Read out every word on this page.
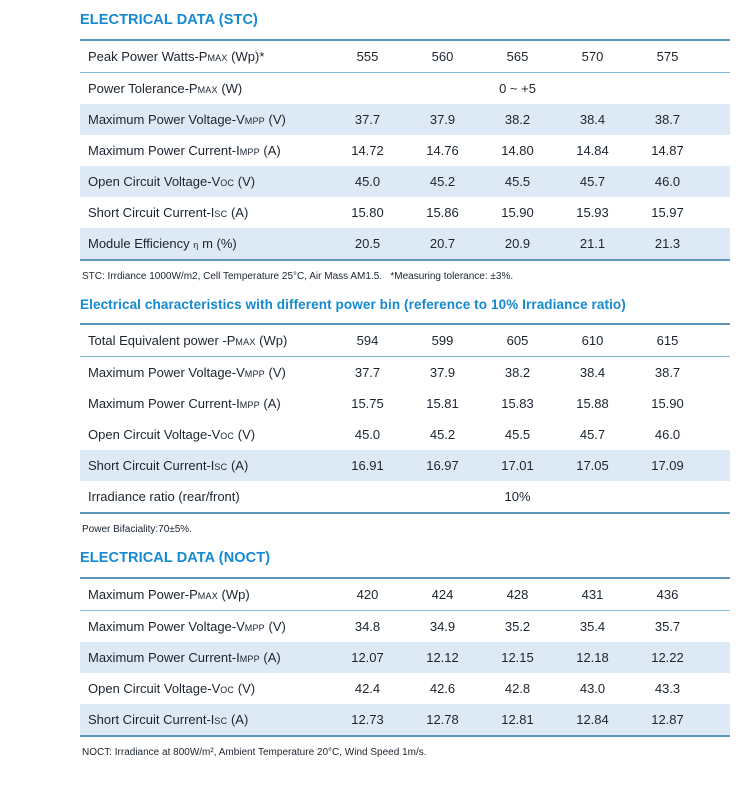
ELECTRICAL DATA (STC)
Peak Power Watts-PMAX (Wp)*	555	560	565	570	575
Power Tolerance-PMAX (W)	0 ~ +5
Maximum Power Voltage-VMPP (V)	37.7	37.9	38.2	38.4	38.7
Maximum Power Current-IMPP (A)	14.72	14.76	14.80	14.84	14.87
Open Circuit Voltage-VOC (V)	45.0	45.2	45.5	45.7	46.0
Short Circuit Current-ISC (A)	15.80	15.86	15.90	15.93	15.97
Module Efficiency η m (%)	20.5	20.7	20.9	21.1	21.3

STC: Irrdiance 1000W/m2, Cell Temperature 25°C, Air Mass AM1.5.   *Measuring tolerance: ±3%.

Electrical characteristics with different power bin (reference to 10% Irradiance ratio)
Total Equivalent power -PMAX (Wp)	594	599	605	610	615
Maximum Power Voltage-VMPP (V)	37.7	37.9	38.2	38.4	38.7
Maximum Power Current-IMPP (A)	15.75	15.81	15.83	15.88	15.90
Open Circuit Voltage-VOC (V)	45.0	45.2	45.5	45.7	46.0
Short Circuit Current-ISC (A)	16.91	16.97	17.01	17.05	17.09
Irradiance ratio (rear/front)	10%

Power Bifaciality:70±5%.

ELECTRICAL DATA (NOCT)
Maximum Power-PMAX (Wp)	420	424	428	431	436
Maximum Power Voltage-VMPP (V)	34.8	34.9	35.2	35.4	35.7
Maximum Power Current-IMPP (A)	12.07	12.12	12.15	12.18	12.22
Open Circuit Voltage-VOC (V)	42.4	42.6	42.8	43.0	43.3
Short Circuit Current-ISC (A)	12.73	12.78	12.81	12.84	12.87

NOCT: Irradiance at 800W/m², Ambient Temperature 20°C, Wind Speed 1m/s.
